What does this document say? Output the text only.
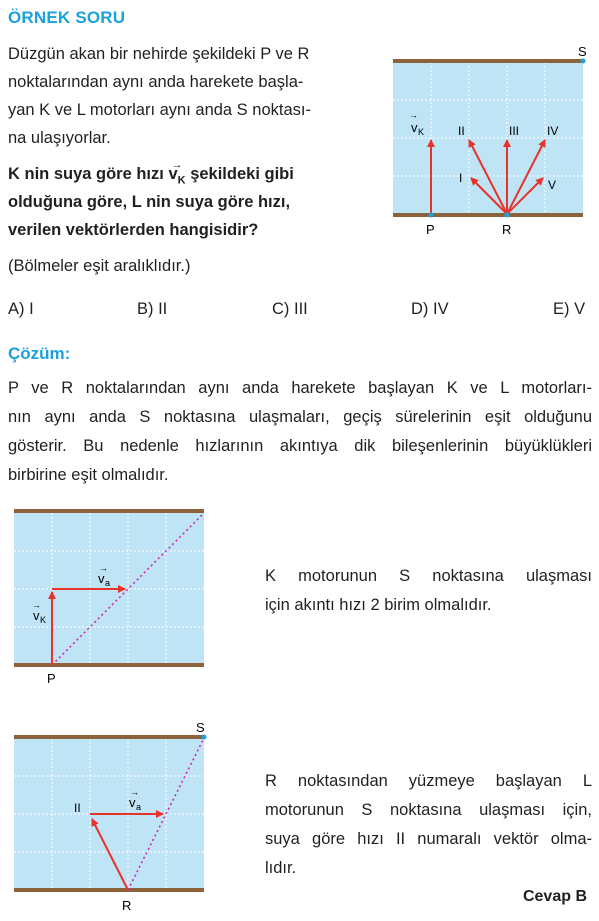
ÖRNEK SORU
Düzgün akan bir nehirde şekildeki P ve R
noktalarından aynı anda harekete başla-
yan K ve L motorları aynı anda S noktası-
na ulaşıyorlar.
K nin suya göre hızı →
$v_K$ şekildeki gibi
olduğuna göre, L nin suya göre hızı,
verilen vektörlerden hangisidir?
(Bölmeler eşit aralıklıdır.)
S
P	R
→
v K
I
II	III IV
V
A) I	B) II	C) III	D) IV	E) V
Çözüm:
P ve R noktalarından aynı anda harekete başlayan K ve L motorları-
nın aynı anda S noktasına ulaşmaları, geçiş sürelerinin eşit olduğunu
gösterir. Bu nedenle hızlarının akıntıya dik bileşenlerinin büyüklükleri
birbirine eşit olmalıdır.
→
v a
→
v K
P
K motorunun S noktasına ulaşması
için akıntı hızı 2 birim olmalıdır.
S
II
→
v a
R
R noktasından yüzmeye başlayan L
motorunun S noktasına ulaşması için,
suya göre hızı II numaralı vektör olma-
lıdır.
Cevap B
